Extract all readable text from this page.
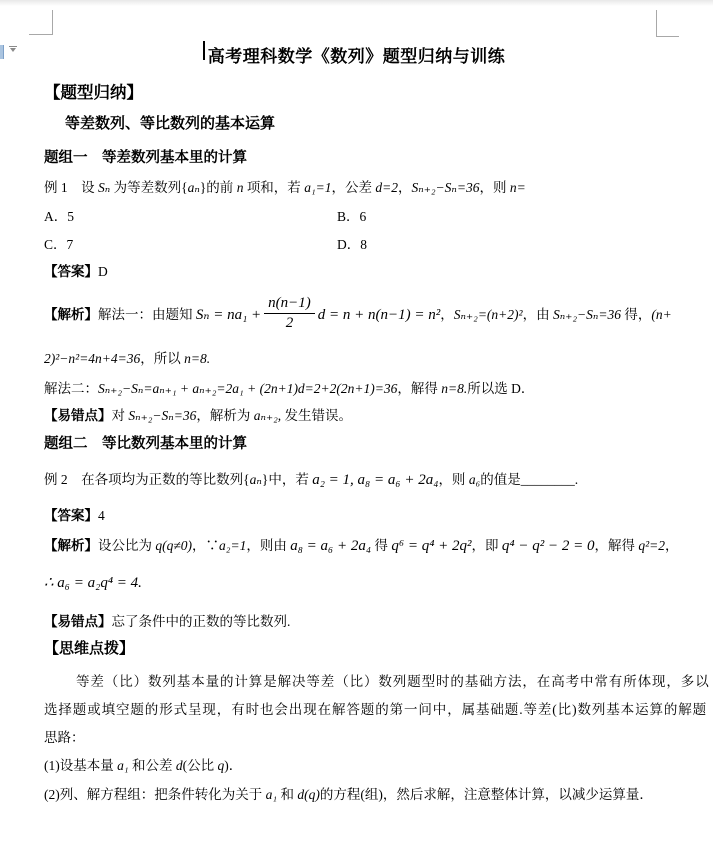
高考理科数学《数列》题型归纳与训练
【题型归纳】
等差数列、等比数列的基本运算
题组一　等差数列基本里的计算
例 1　设 Sₙ 为等差数列{aₙ}的前 n 项和，若 a₁=1，公差 d=2，Sₙ₊₂−Sₙ=36，则 n=
A．5	B．6
C．7	D．8
【答案】D
【解析】解法一：由题知 $S_n = na_1 + \frac{n(n-1)}{2}$ d = n + n(n−1) = n²，Sₙ₊₂=(n+2)²，由 Sₙ₊₂−Sₙ=36 得，(n+
2)²−n²=4n+4=36，所以 n=8.
解法二：Sₙ₊₂−Sₙ=aₙ₊₁ + aₙ₊₂=2a₁ + (2n+1)d=2+2(2n+1)=36，解得 n=8.所以选 D．
【易错点】对 Sₙ₊₂−Sₙ=36，解析为 aₙ₊₂, 发生错误。
题组二　等比数列基本里的计算
例 2　在各项均为正数的等比数列{aₙ}中，若 a₂ = 1, a₈ = a₆ + 2a₄，则 a₆的值是________.
【答案】4
【解析】设公比为 q(q≠0)，∵a₂=1，则由 a₈ = a₆ + 2a₄ 得 q⁶ = q⁴ + 2q²，即 q⁴ − q² − 2 = 0，解得 q²=2，
∴ a₆ = a₂q⁴ = 4.
【易错点】忘了条件中的正数的等比数列.
【思维点拨】
等差（比）数列基本量的计算是解决等差（比）数列题型时的基础方法，在高考中常有所体现，多以
选择题或填空题的形式呈现，有时也会出现在解答题的第一问中，属基础题.等差(比)数列基本运算的解题
思路：
(1)设基本量 a₁ 和公差 d(公比 q)．
(2)列、解方程组：把条件转化为关于 a₁ 和 d(q)的方程(组)，然后求解，注意整体计算，以减少运算量．
